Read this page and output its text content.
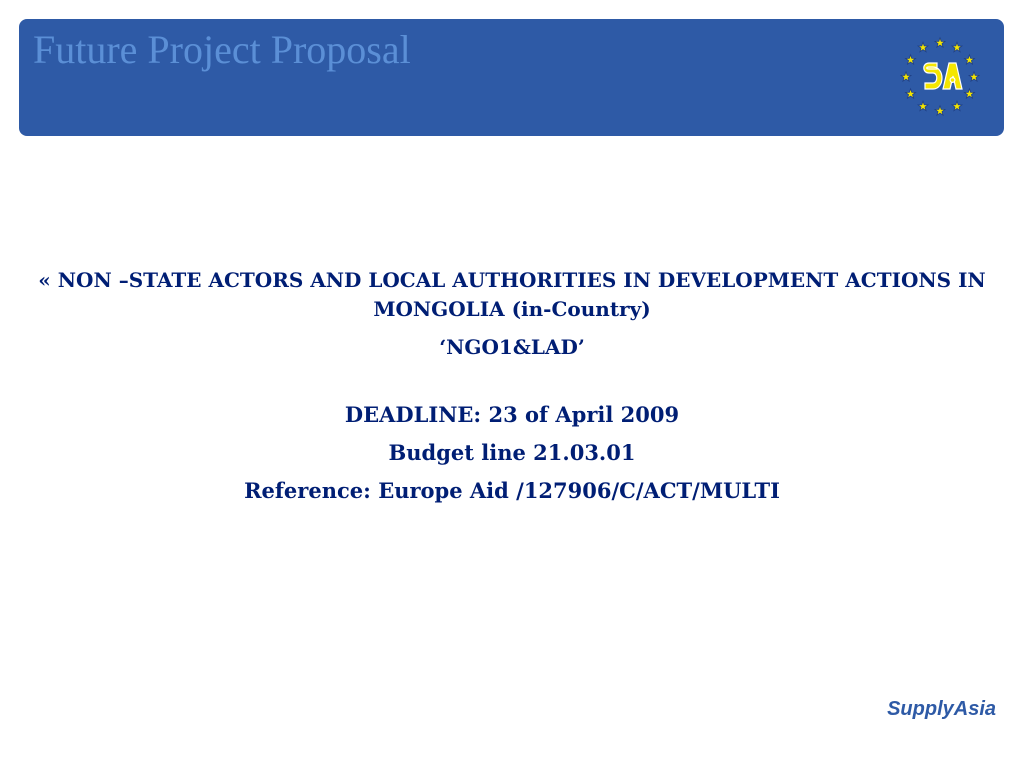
Future Project Proposal

« NON –STATE ACTORS AND LOCAL AUTHORITIES IN DEVELOPMENT ACTIONS IN MONGOLIA (in-Country)

‘NGO1&LAD’

DEADLINE: 23 of April 2009

Budget line 21.03.01

Reference: Europe Aid /127906/C/ACT/MULTI

SupplyAsia
